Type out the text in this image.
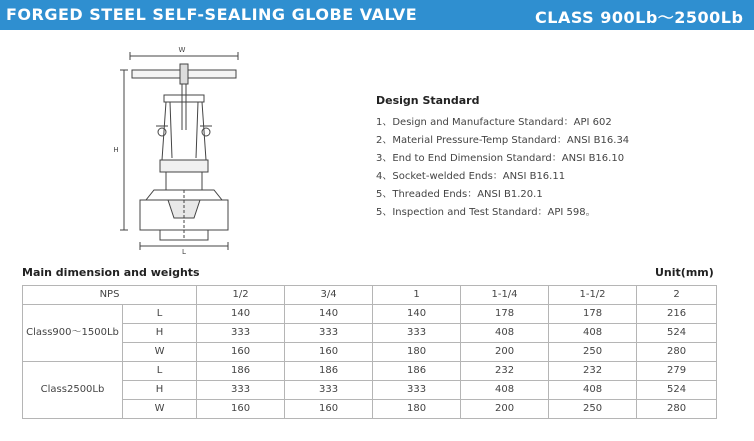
FORGED STEEL SELF-SEALING GLOBE VALVE	CLASS 900Lb～2500Lb
W
H
L
Design Standard
1、Design and Manufacture Standard：API 602
2、Material Pressure-Temp Standard：ANSI B16.34
3、End to End Dimension Standard：ANSI B16.10
4、Socket-welded Ends：ANSI B16.11
5、Threaded Ends：ANSI B1.20.1
5、Inspection and Test Standard：API 598。
Main dimension and weights	Unit(mm)
NPS		1/2	3/4	1	1-1/4	1-1/2	2
Class900～1500Lb	L	140	140	140	178	178	216
	H	333	333	333	408	408	524
	W	160	160	180	200	250	280
Class2500Lb	L	186	186	186	232	232	279
	H	333	333	333	408	408	524
	W	160	160	180	200	250	280
